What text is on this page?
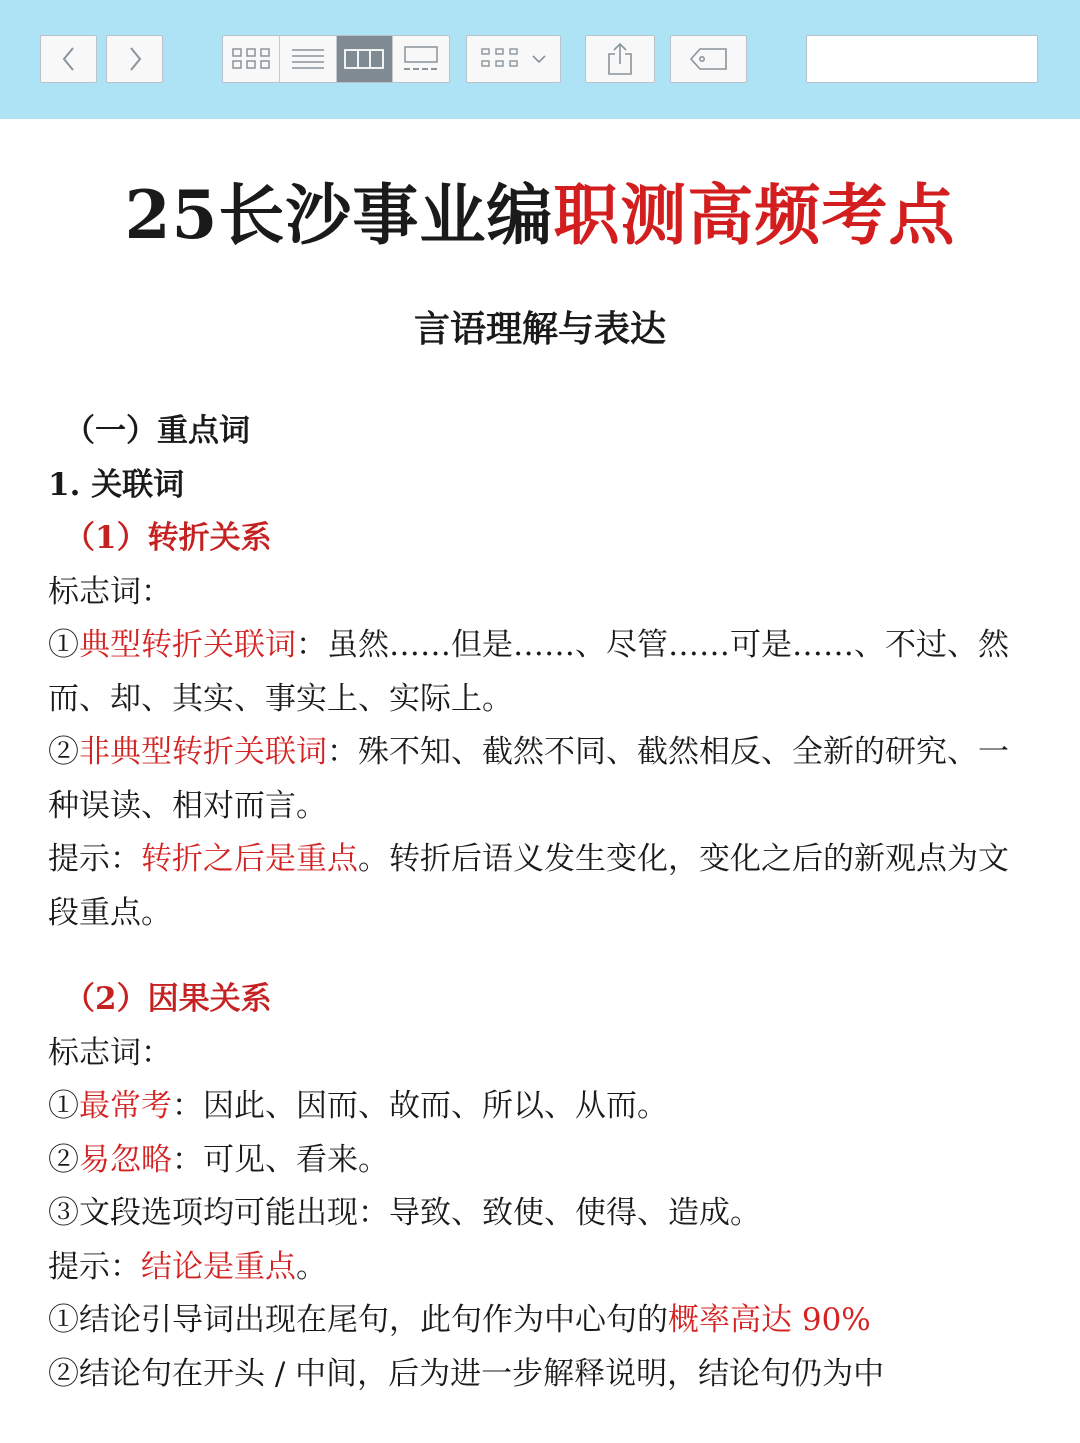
25长沙事业编职测高频考点
言语理解与表达

（一）重点词

1. 关联词

（1）转折关系

标志词：

①典型转折关联词：虽然……但是……、尽管……可是……、不过、然而、却、其实、事实上、实际上。

②非典型转折关联词：殊不知、截然不同、截然相反、全新的研究、一种误读、相对而言。

提示：转折之后是重点。转折后语义发生变化，变化之后的新观点为文段重点。

（2）因果关系

标志词：

①最常考：因此、因而、故而、所以、从而。

②易忽略：可见、看来。

③文段选项均可能出现：导致、致使、使得、造成。

提示：结论是重点。

①结论引导词出现在尾句，此句作为中心句的概率高达 90%

②结论句在开头 / 中间，后为进一步解释说明，结论句仍为中
